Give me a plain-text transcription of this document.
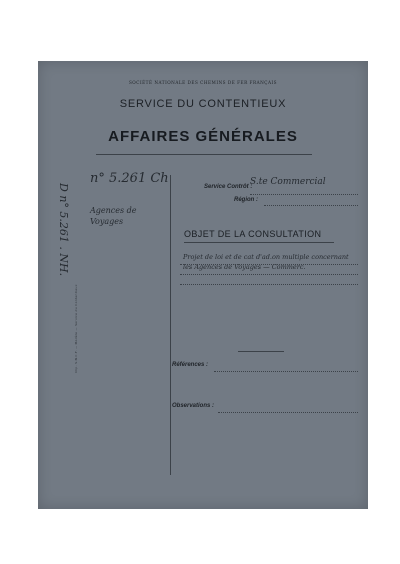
Imp. S.N.C.F. — Modèle — Service du Contentieux
SOCIÉTÉ NATIONALE DES CHEMINS DE FER FRANÇAIS
SERVICE DU CONTENTIEUX
AFFAIRES GÉNÉRALES
n° 5.261 Ch
D n° 5.261 . NH.	Agences de Voyages
Service Contrôt :
S.te Commercial
Région :
OBJET DE LA CONSULTATION
Projet de loi et de cat d'ad.on multiple concernant les Agences de Voyages — Commerc.
Références :
Observations :
